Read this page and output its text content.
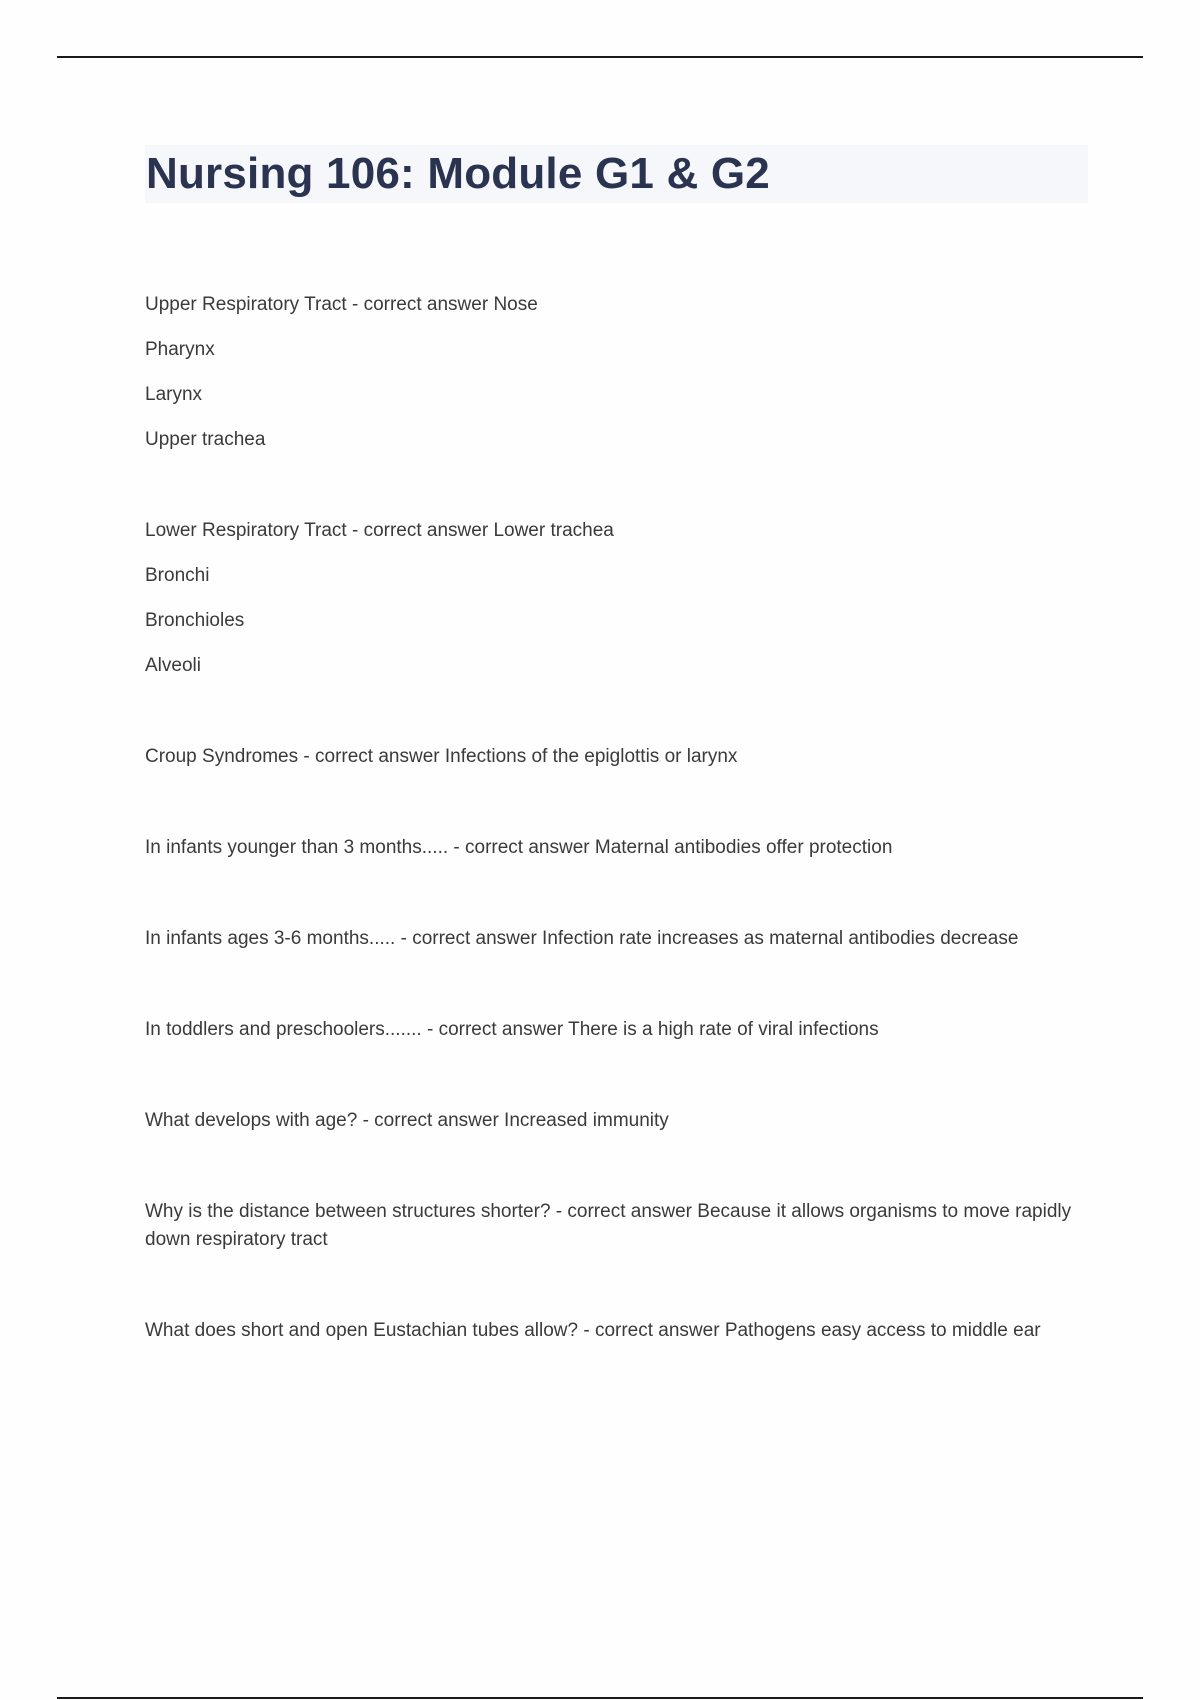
Nursing 106: Module G1 & G2

Upper Respiratory Tract - correct answer Nose

Pharynx

Larynx

Upper trachea

Lower Respiratory Tract - correct answer Lower trachea

Bronchi

Bronchioles

Alveoli

Croup Syndromes - correct answer Infections of the epiglottis or larynx

In infants younger than 3 months..... - correct answer Maternal antibodies offer protection

In infants ages 3-6 months..... - correct answer Infection rate increases as maternal antibodies decrease

In toddlers and preschoolers....... - correct answer There is a high rate of viral infections

What develops with age? - correct answer Increased immunity

Why is the distance between structures shorter? - correct answer Because it allows organisms to move rapidly down respiratory tract

What does short and open Eustachian tubes allow? - correct answer Pathogens easy access to middle ear
